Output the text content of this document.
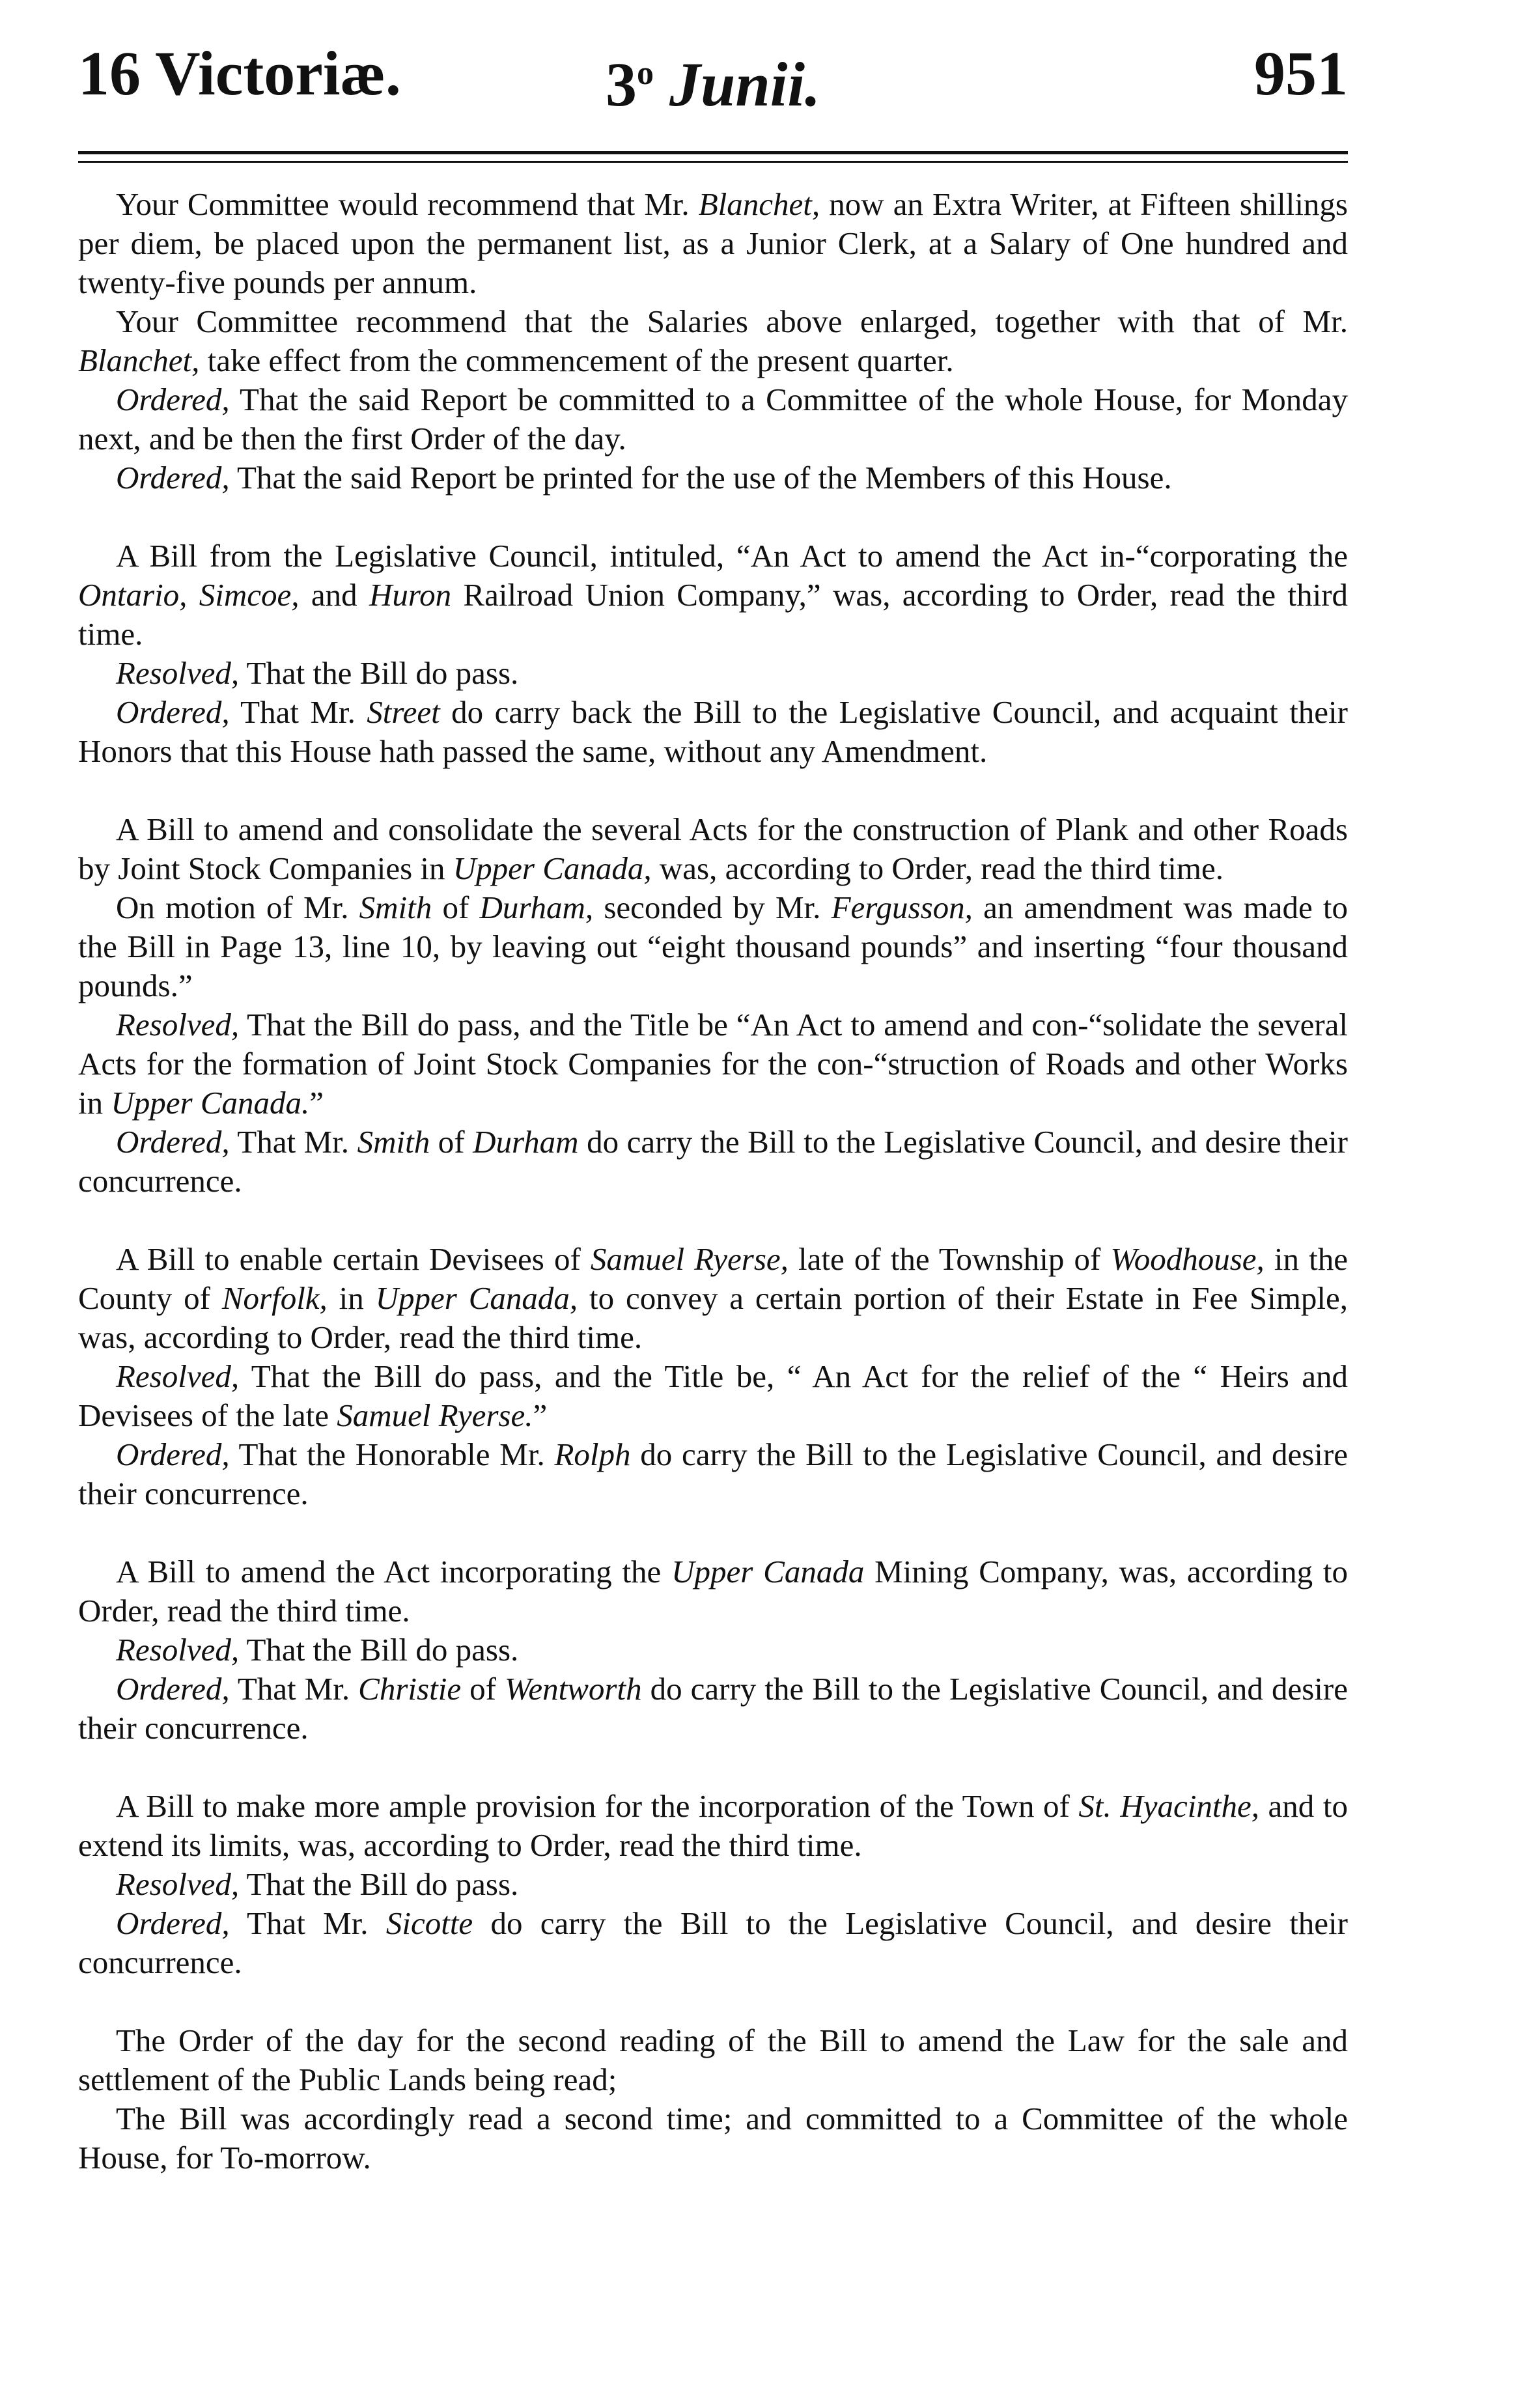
16 Victoriæ.	3$^o$ Junii.	951

Your Committee would recommend that Mr. Blanchet, now an Extra Writer, at Fifteen shillings per diem, be placed upon the permanent list, as a Junior Clerk, at a Salary of One hundred and twenty-five pounds per annum.

Your Committee recommend that the Salaries above enlarged, together with that of Mr. Blanchet, take effect from the commencement of the present quarter.

Ordered, That the said Report be committed to a Committee of the whole House, for Monday next, and be then the first Order of the day.

Ordered, That the said Report be printed for the use of the Members of this House.

A Bill from the Legislative Council, intituled, “An Act to amend the Act in-“corporating the Ontario, Simcoe, and Huron Railroad Union Company,” was, according to Order, read the third time.

Resolved, That the Bill do pass.

Ordered, That Mr. Street do carry back the Bill to the Legislative Council, and acquaint their Honors that this House hath passed the same, without any Amendment.

A Bill to amend and consolidate the several Acts for the construction of Plank and other Roads by Joint Stock Companies in Upper Canada, was, according to Order, read the third time.

On motion of Mr. Smith of Durham, seconded by Mr. Fergusson, an amendment was made to the Bill in Page 13, line 10, by leaving out “eight thousand pounds” and inserting “four thousand pounds.”

Resolved, That the Bill do pass, and the Title be “An Act to amend and con-“solidate the several Acts for the formation of Joint Stock Companies for the con-“struction of Roads and other Works in Upper Canada.”

Ordered, That Mr. Smith of Durham do carry the Bill to the Legislative Council, and desire their concurrence.

A Bill to enable certain Devisees of Samuel Ryerse, late of the Township of Woodhouse, in the County of Norfolk, in Upper Canada, to convey a certain portion of their Estate in Fee Simple, was, according to Order, read the third time.

Resolved, That the Bill do pass, and the Title be, “ An Act for the relief of the “ Heirs and Devisees of the late Samuel Ryerse.”

Ordered, That the Honorable Mr. Rolph do carry the Bill to the Legislative Council, and desire their concurrence.

A Bill to amend the Act incorporating the Upper Canada Mining Company, was, according to Order, read the third time.

Resolved, That the Bill do pass.

Ordered, That Mr. Christie of Wentworth do carry the Bill to the Legislative Council, and desire their concurrence.

A Bill to make more ample provision for the incorporation of the Town of St. Hyacinthe, and to extend its limits, was, according to Order, read the third time.

Resolved, That the Bill do pass.

Ordered, That Mr. Sicotte do carry the Bill to the Legislative Council, and desire their concurrence.

The Order of the day for the second reading of the Bill to amend the Law for the sale and settlement of the Public Lands being read;

The Bill was accordingly read a second time; and committed to a Committee of the whole House, for To-morrow.
